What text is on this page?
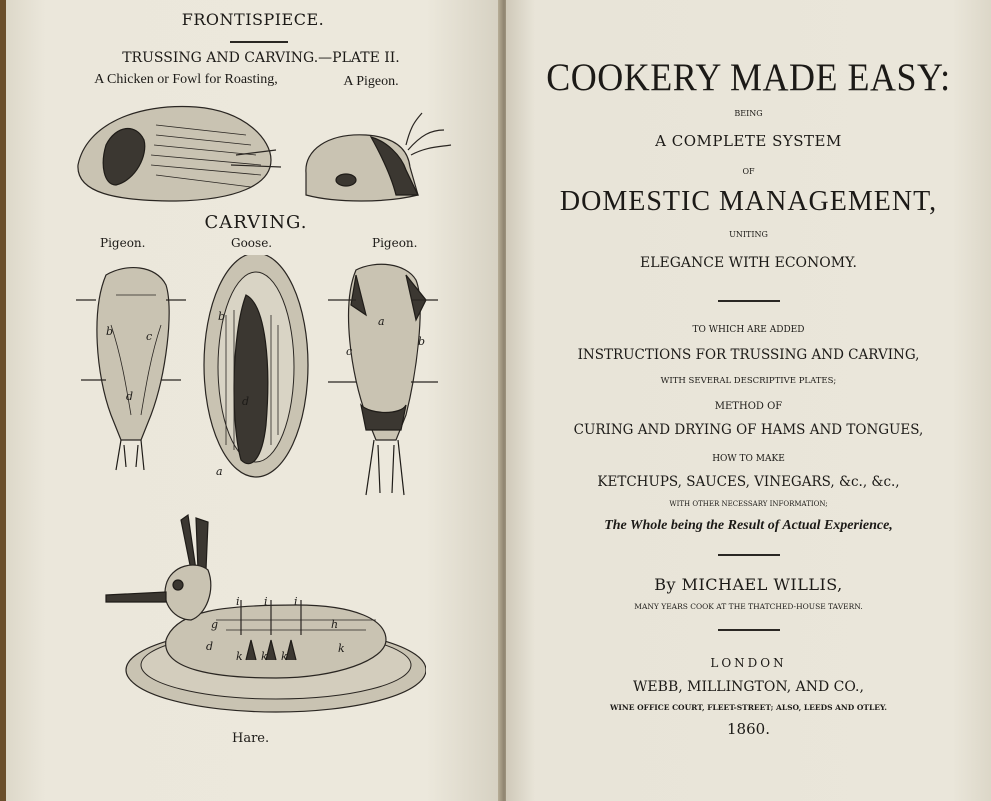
FRONTISPIECE.
TRUSSING AND CARVING.—PLATE II.
A Chicken or Fowl for Roasting,	A Pigeon.
CARVING.
Pigeon.	Goose.	Pigeon.
b	c
d
b
d
a
a
c
b
i i i
g	h
d
k k k
k
Hare.
COOKERY MADE EASY:
BEING
A COMPLETE SYSTEM
OF
DOMESTIC MANAGEMENT,
UNITING
ELEGANCE WITH ECONOMY.
TO WHICH ARE ADDED
INSTRUCTIONS FOR TRUSSING AND CARVING,
WITH SEVERAL DESCRIPTIVE PLATES;
METHOD OF
CURING AND DRYING OF HAMS AND TONGUES,
HOW TO MAKE
KETCHUPS, SAUCES, VINEGARS, &c., &c.,
WITH OTHER NECESSARY INFORMATION;
The Whole being the Result of Actual Experience,
By MICHAEL WILLIS,
MANY YEARS COOK AT THE THATCHED-HOUSE TAVERN.
LONDON
WEBB, MILLINGTON, AND CO.,
WINE OFFICE COURT, FLEET-STREET; ALSO, LEEDS AND OTLEY.
1860.
